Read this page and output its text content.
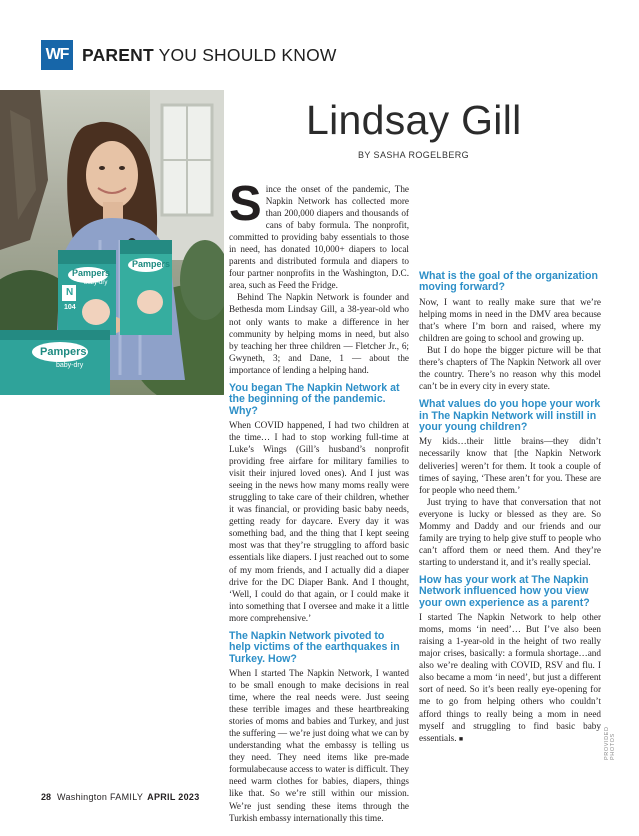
WF PARENT YOU SHOULD KNOW
Pampers
baby-dry
N
104
Pampers
Pampers
baby-dry
Lindsay Gill
BY SASHA ROGELBERG

Since the onset of the pandemic, The Napkin Network has collected more than 200,000 diapers and thousands of cans of baby formula. The nonprofit, committed to providing baby essentials to those in need, has donated 10,000+ diapers to local parents and distributed formula and diapers to four partner nonprofits in the Washington, D.C. area, such as Feed the Fridge.

Behind The Napkin Network is founder and Bethesda mom Lindsay Gill, a 38-year-old who not only wants to make a difference in her community by helping moms in need, but also by teaching her three children — Fletcher Jr., 6; Gwyneth, 3; and Dane, 1 — about the importance of lending a helping hand.

You began The Napkin Network at the beginning of the pandemic. Why?

When COVID happened, I had two children at the time… I had to stop working full-time at Luke’s Wings (Gill’s husband’s nonprofit providing free airfare for military families to visit their injured loved ones). And I just was seeing in the news how many moms really were struggling to take care of their children, whether it was financial, or providing basic baby needs, getting ready for daycare. Every day it was something bad, and the thing that I kept seeing most was that they’re struggling to afford basic essentials like diapers. I just reached out to some of my mom friends, and I actually did a diaper drive for the DC Diaper Bank. And I thought, ‘Well, I could do that again, or I could make it into something that I oversee and make it a little more comprehensive.’

The Napkin Network pivoted to help victims of the earthquakes in Turkey. How?

When I started The Napkin Network, I wanted to be small enough to make decisions in real time, where the real needs were. Just seeing these terrible images and these heartbreaking stories of moms and babies and Turkey, and just the suffering — we’re just doing what we can by understanding what the embassy is telling us they need. They need items like pre-made formulabecause access to water is difficult. They need warm clothes for babies, diapers, things like that. So we’re still within our mission. We’re just sending these items through the Turkish embassy internationally this time.

What is the goal of the organization moving forward?

Now, I want to really make sure that we’re helping moms in need in the DMV area because that’s where I’m born and raised, where my children are going to school and growing up.

But I do hope the bigger picture will be that there’s chapters of The Napkin Network all over the country. There’s no reason why this model can’t be in every city in every state.

What values do you hope your work in The Napkin Network will instill in your young children?

My kids…their little brains—they didn’t necessarily know that [the Napkin Network deliveries] weren’t for them. It took a couple of times of saying, ‘These aren’t for you. These are for people who need them.’

Just trying to have that conversation that not everyone is lucky or blessed as they are. So Mommy and Daddy and our friends and our family are trying to help give stuff to people who can’t afford them or need them. And they’re starting to understand it, and it’s really special.

How has your work at The Napkin Network influenced how you view your own experience as a parent?

I started The Napkin Network to help other moms, moms ‘in need’… But I’ve also been raising a 1-year-old in the height of two really major crises, basically: a formula shortage…and also we’re dealing with COVID, RSV and flu. I also became a mom ‘in need’, but just a different sort of need. So it’s been really eye-opening for me to go from helping others who couldn’t afford things to really being a mom in need myself and struggling to find basic baby essentials. ■	PROVIDED PHOTOS
28 Washington FAMILY APRIL 2023
